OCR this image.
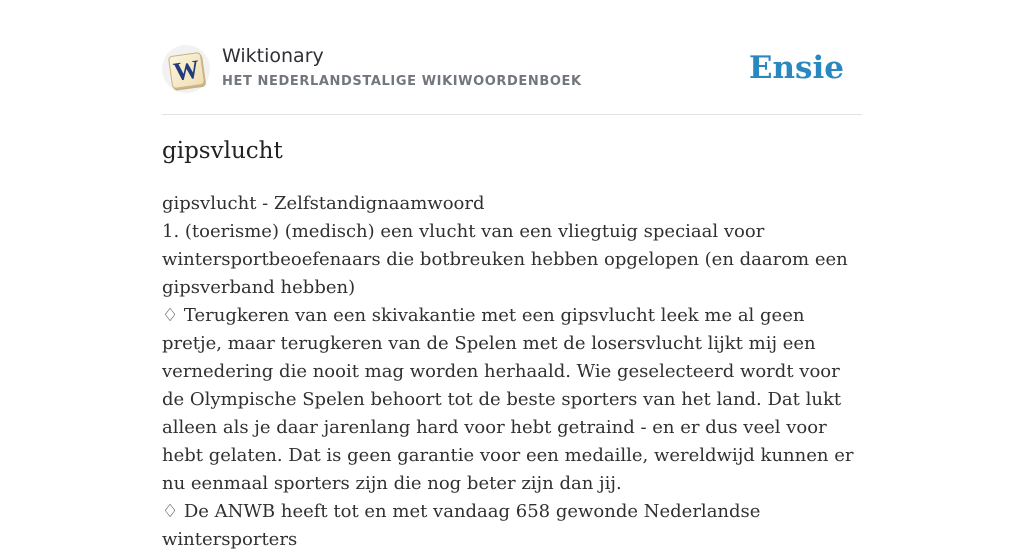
W Wiktionary
HET NEDERLANDSTALIGE WIKIWOORDENBOEK	Ensie
gipsvlucht

gipsvlucht - Zelfstandignaamwoord

1. (toerisme) (medisch) een vlucht van een vliegtuig speciaal voor wintersportbeoefenaars die botbreuken hebben opgelopen (en daarom een gipsverband hebben)

♢ Terugkeren van een skivakantie met een gipsvlucht leek me al geen pretje, maar terugkeren van de Spelen met de losersvlucht lijkt mij een vernedering die nooit mag worden herhaald. Wie geselecteerd wordt voor de Olympische Spelen behoort tot de beste sporters van het land. Dat lukt alleen als je daar jarenlang hard voor hebt getraind - en er dus veel voor hebt gelaten. Dat is geen garantie voor een medaille, wereldwijd kunnen er nu eenmaal sporters zijn die nog beter zijn dan jij.

♢ De ANWB heeft tot en met vandaag 658 gewonde Nederlandse wintersporters
